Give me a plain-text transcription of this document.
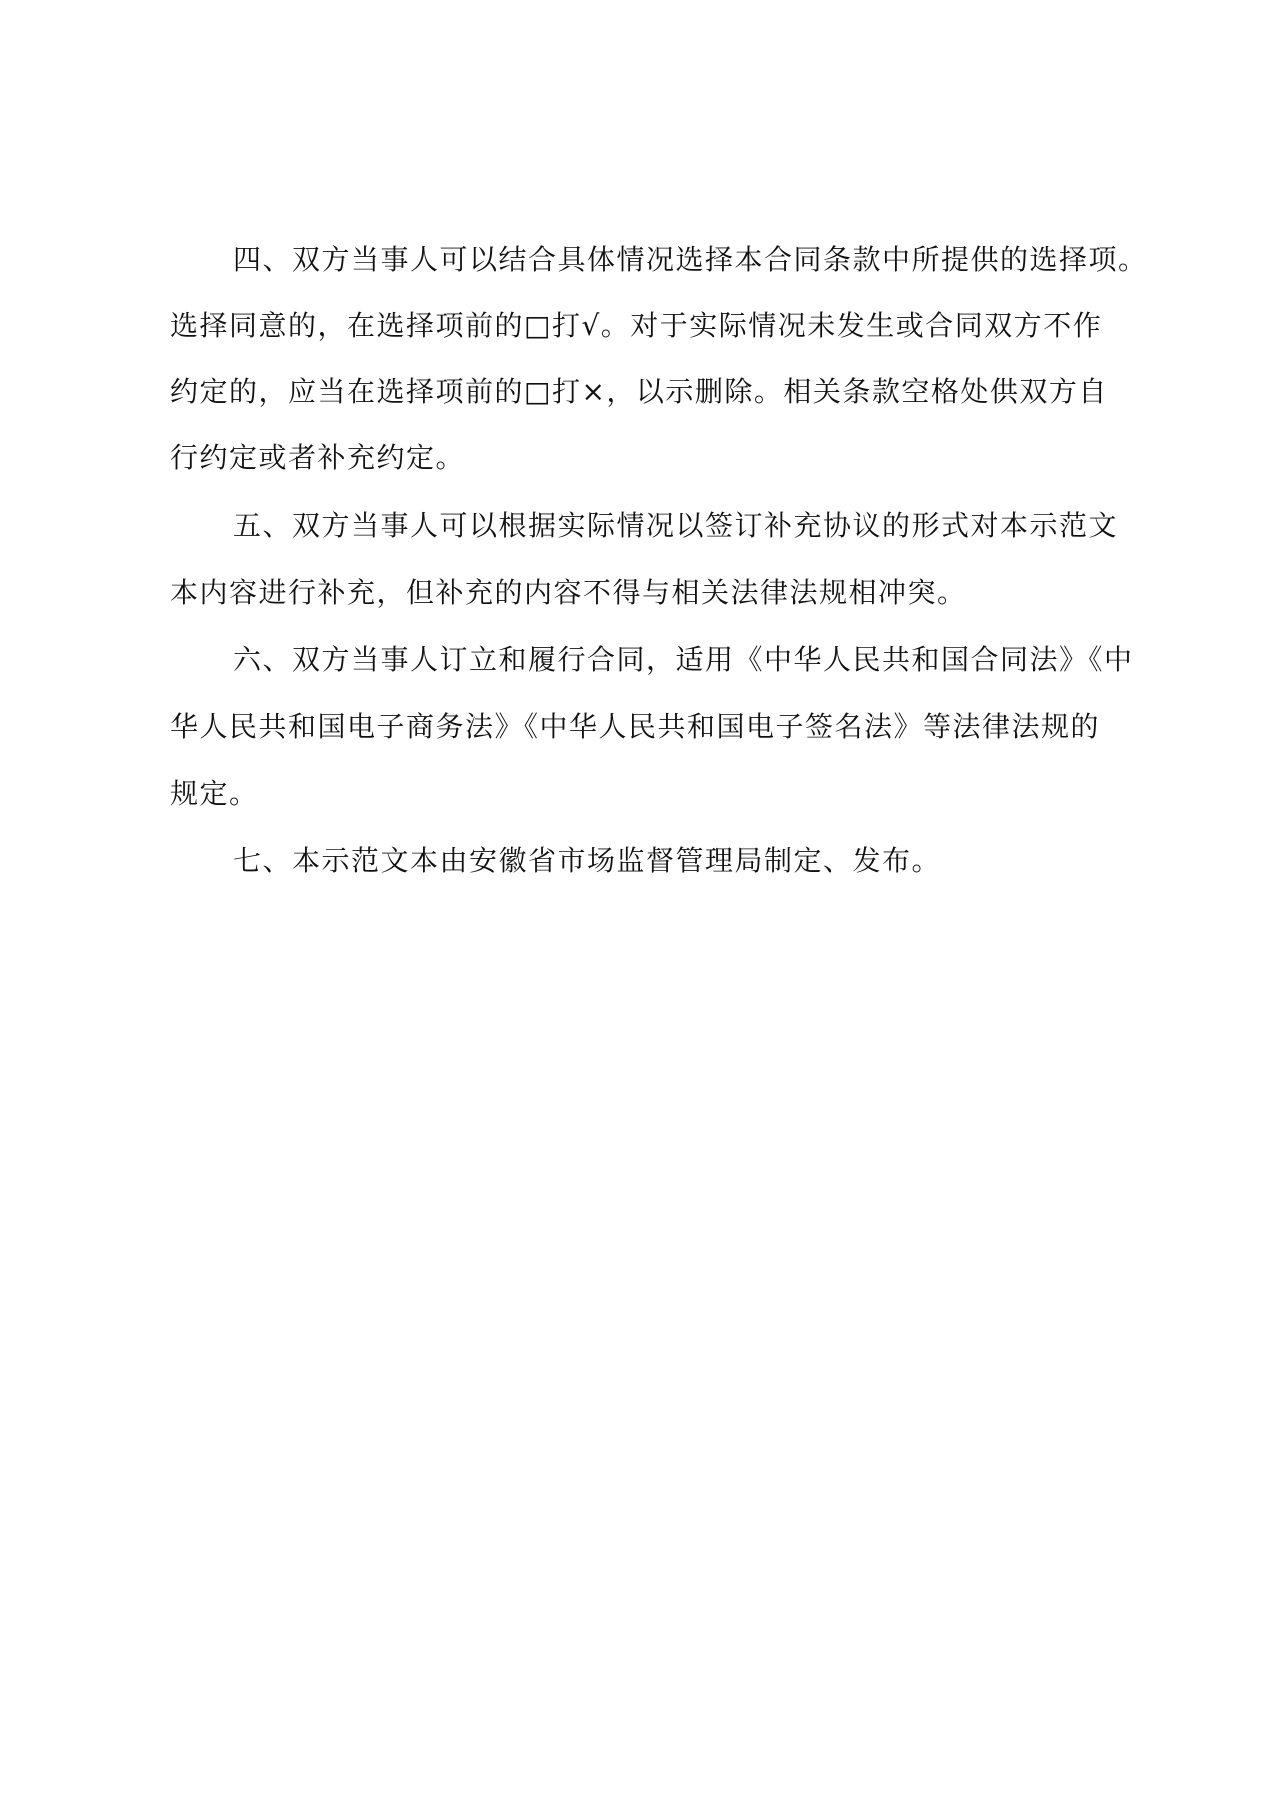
四、双方当事人可以结合具体情况选择本合同条款中所提供的选择项。
选择同意的，在选择项前的□打√。对于实际情况未发生或合同双方不作
约定的，应当在选择项前的□打×，以示删除。相关条款空格处供双方自
行约定或者补充约定。
五、双方当事人可以根据实际情况以签订补充协议的形式对本示范文
本内容进行补充，但补充的内容不得与相关法律法规相冲突。
六、双方当事人订立和履行合同，适用《中华人民共和国合同法》《中
华人民共和国电子商务法》《中华人民共和国电子签名法》等法律法规的
规定。
七、本示范文本由安徽省市场监督管理局制定、发布。
